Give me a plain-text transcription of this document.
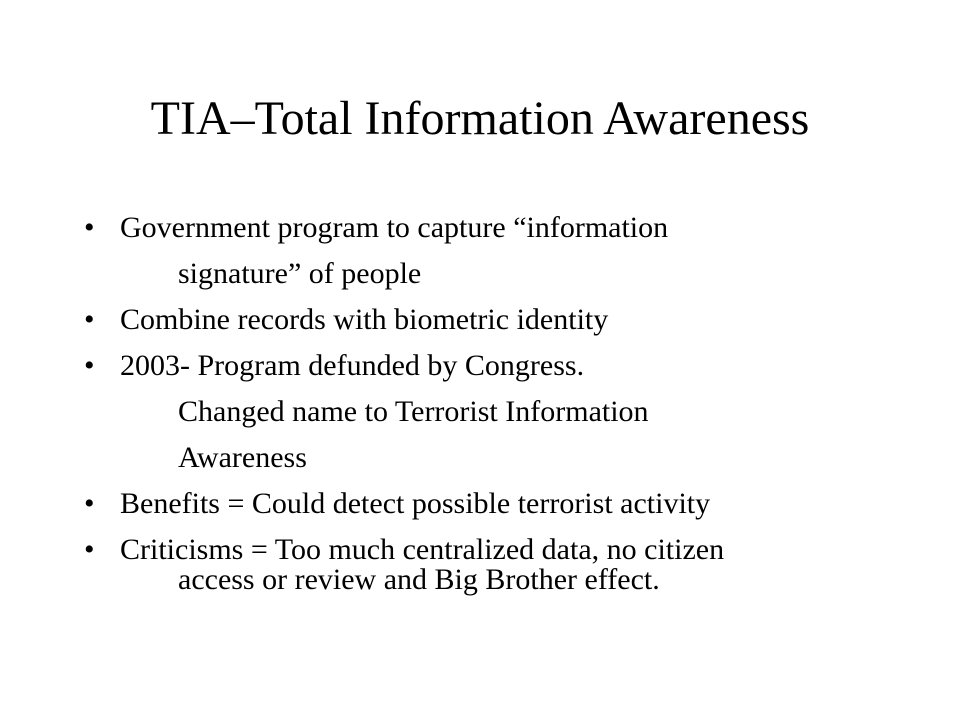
TIA–Total Information Awareness
• Government program to capture “information
signature” of people
• Combine records with biometric identity
• 2003- Program defunded by Congress.
Changed name to Terrorist Information
Awareness
• Benefits = Could detect possible terrorist activity
• Criticisms = Too much centralized data, no citizen
access or review and Big Brother effect.
